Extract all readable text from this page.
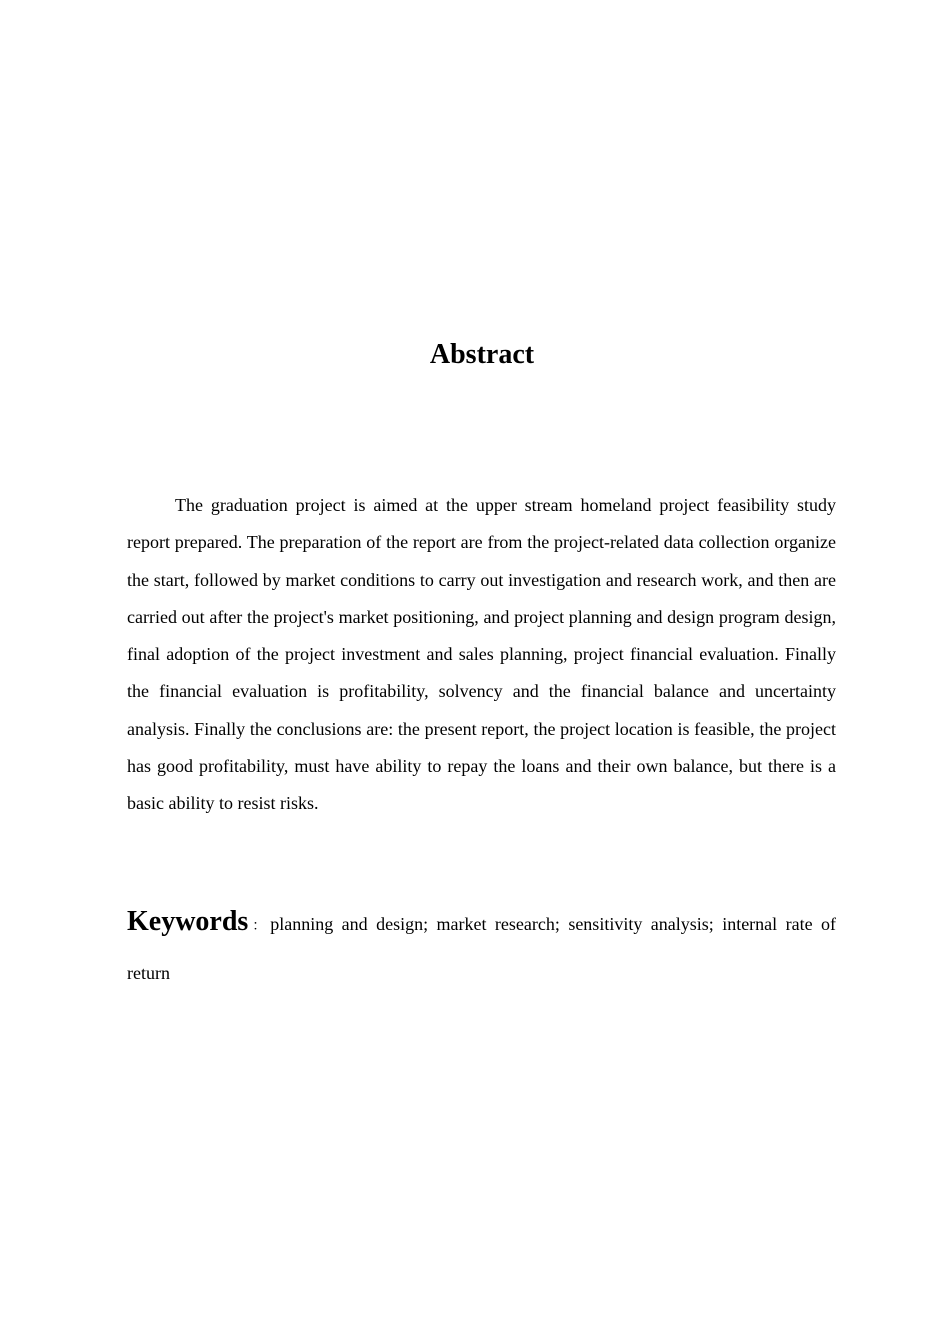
Abstract

The graduation project is aimed at the upper stream homeland project feasibility study report prepared. The preparation of the report are from the project-related data collection organize the start, followed by market conditions to carry out investigation and research work, and then are carried out after the project's market positioning, and project planning and design program design, final adoption of the project investment and sales planning, project financial evaluation. Finally the financial evaluation is profitability, solvency and the financial balance and uncertainty analysis. Finally the conclusions are: the present report, the project location is feasible, the project has good profitability, must have ability to repay the loans and their own balance, but there is a basic ability to resist risks.

Keywords：planning and design; market research; sensitivity analysis; internal rate of return
